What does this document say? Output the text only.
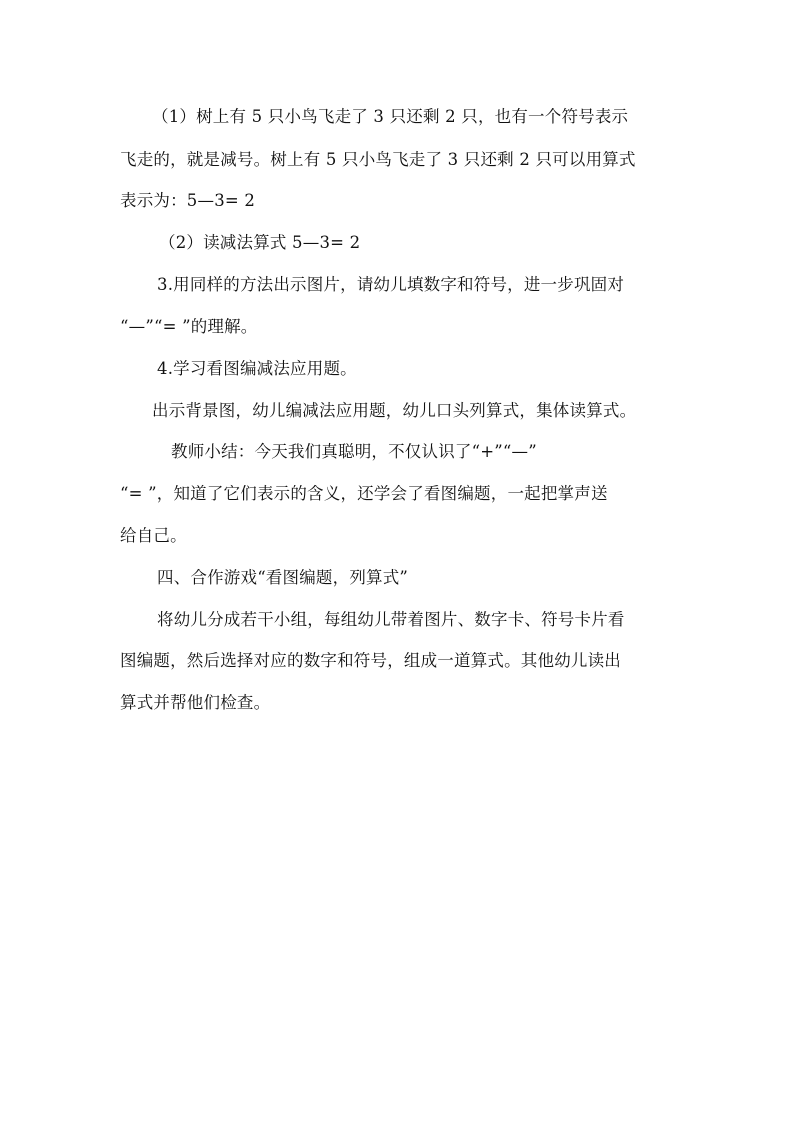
（1）树上有 5 只小鸟飞走了 3 只还剩 2 只，也有一个符号表示
飞走的，就是减号。树上有 5 只小鸟飞走了 3 只还剩 2 只可以用算式
表示为：5—3= 2
（2）读减法算式 5—3= 2
3.用同样的方法出示图片，请幼儿填数字和符号，进一步巩固对
“—”“= ”的理解。
4.学习看图编减法应用题。
出示背景图，幼儿编减法应用题，幼儿口头列算式，集体读算式。
教师小结：今天我们真聪明，不仅认识了“+”“—”
“= ”，知道了它们表示的含义，还学会了看图编题，一起把掌声送
给自己。
四、合作游戏“看图编题，列算式”
将幼儿分成若干小组，每组幼儿带着图片、数字卡、符号卡片看
图编题，然后选择对应的数字和符号，组成一道算式。其他幼儿读出
算式并帮他们检查。
